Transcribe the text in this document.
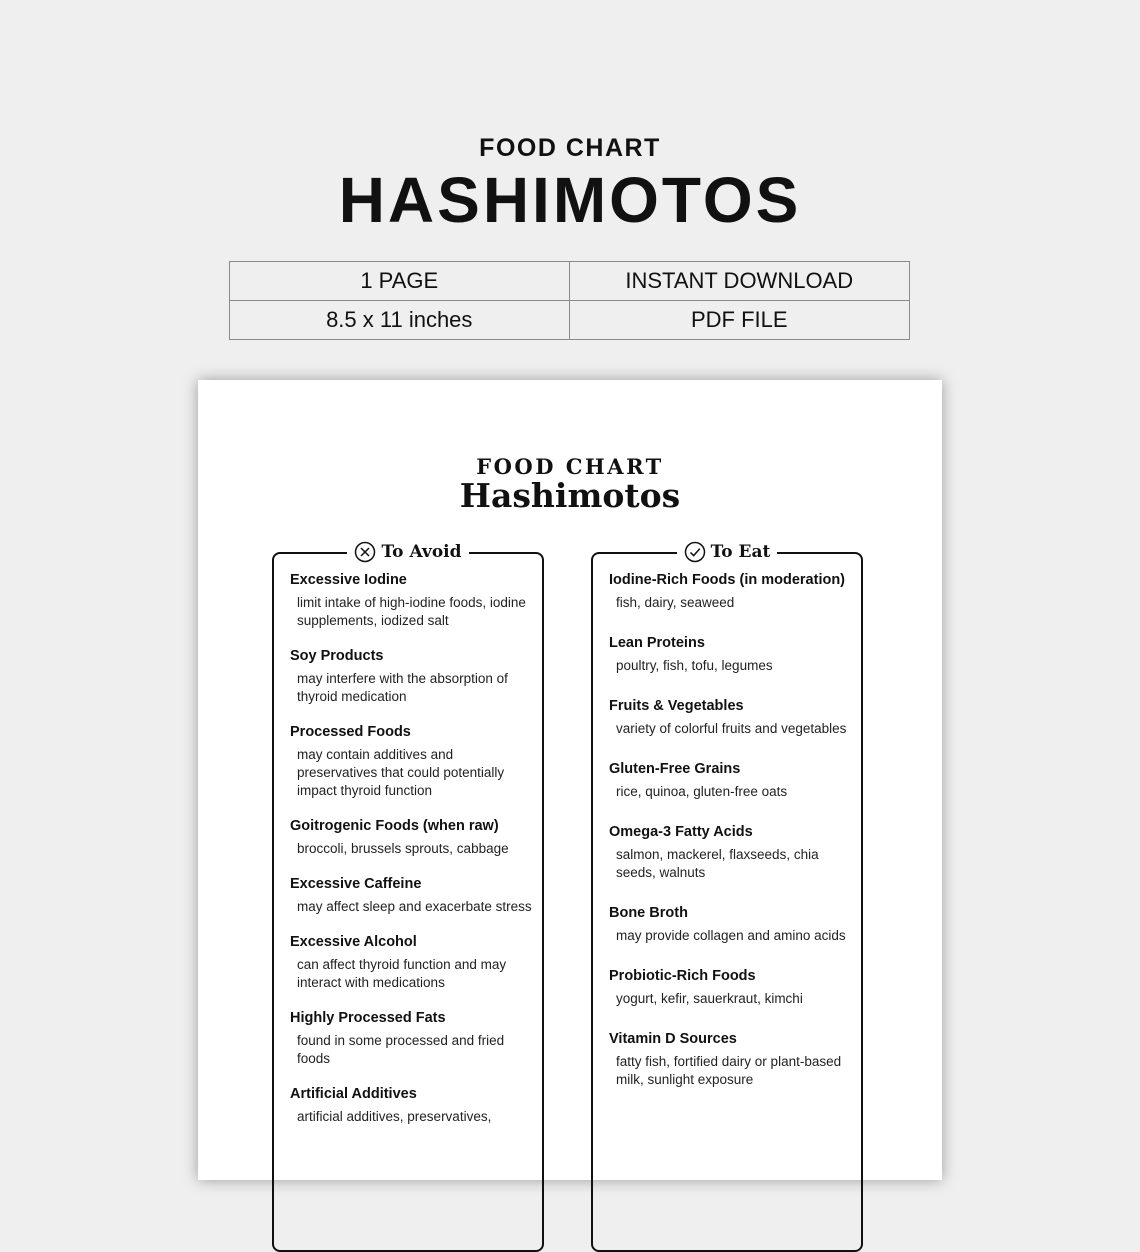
FOOD CHART
HASHIMOTOS
1 PAGE	INSTANT DOWNLOAD
8.5 x 11 inches	PDF FILE
FOOD CHART
Hashimotos
To Avoid
Excessive Iodine
limit intake of high-iodine foods, iodine supplements, iodized salt
Soy Products
may interfere with the absorption of thyroid medication
Processed Foods
may contain additives and preservatives that could potentially impact thyroid function
Goitrogenic Foods (when raw)
broccoli, brussels sprouts, cabbage
Excessive Caffeine
may affect sleep and exacerbate stress
Excessive Alcohol
can affect thyroid function and may interact with medications
Highly Processed Fats
found in some processed and fried foods
Artificial Additives
artificial additives, preservatives,
To Eat
Iodine-Rich Foods (in moderation)
fish, dairy, seaweed
Lean Proteins
poultry, fish, tofu, legumes
Fruits & Vegetables
variety of colorful fruits and vegetables
Gluten-Free Grains
rice, quinoa, gluten-free oats
Omega-3 Fatty Acids
salmon, mackerel, flaxseeds, chia seeds, walnuts
Bone Broth
may provide collagen and amino acids
Probiotic-Rich Foods
yogurt, kefir, sauerkraut, kimchi
Vitamin D Sources
fatty fish, fortified dairy or plant-based milk, sunlight exposure
